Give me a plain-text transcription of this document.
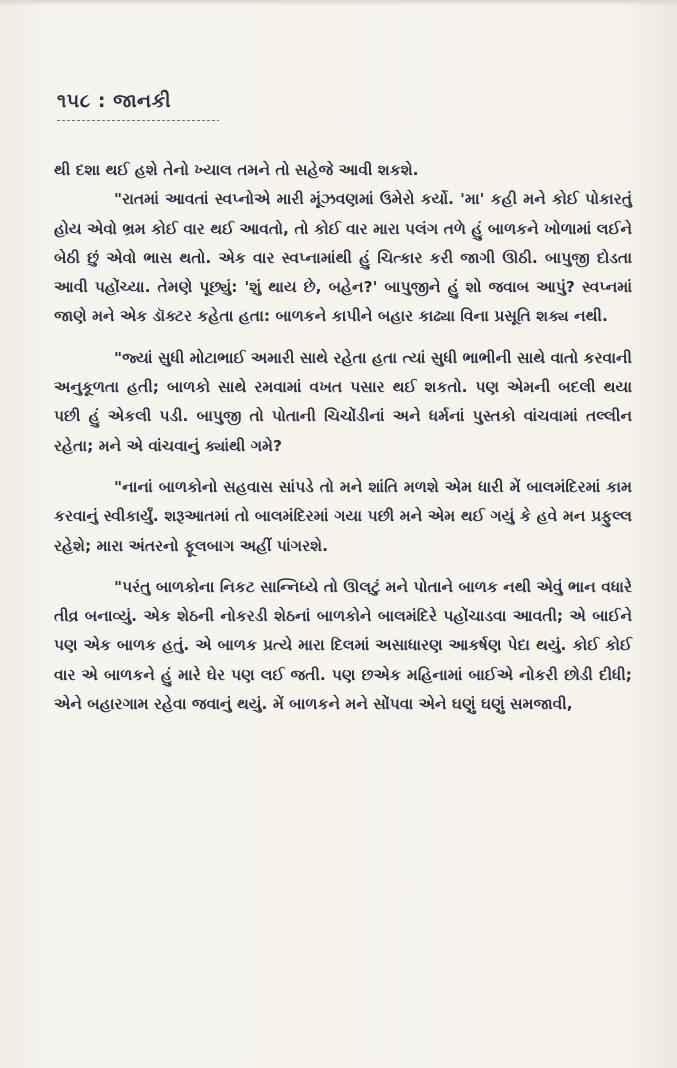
૧૫૮ : જાનકી

થી દશા થઈ હશે તેનો ખ્યાલ તમને તો સહેજે આવી શકશે.

"રાતમાં આવતાં સ્વપ્નોએ મારી મૂંઝવણમાં ઉમેરો કર્યો. 'મા' કહી મને કોઈ પોકારતું હોય એવો ભ્રમ કોઈ વાર થઈ આવતો, તો કોઈ વાર મારા પલંગ તળે હું બાળકને ખોળામાં લઈને બેઠી છું એવો ભાસ થતો. એક વાર સ્વપ્નામાંથી હું ચિત્કાર કરી જાગી ઊઠી. બાપુજી દોડતા આવી પહોંચ્યા. તેમણે પૂછ્યું: 'શું થાય છે, બહેન?' બાપુજીને હું શો જવાબ આપું? સ્વપ્નમાં જાણે મને એક ડૉક્ટર કહેતા હતા: બાળકને કાપીને બહાર કાઢ્યા વિના પ્રસૂતિ શક્ય નથી.

"જ્યાં સુધી મોટાભાઈ અમારી સાથે રહેતા હતા ત્યાં સુધી ભાભીની સાથે વાતો કરવાની અનુકૂળતા હતી; બાળકો સાથે રમવામાં વખત પસાર થઈ શકતો. પણ એમની બદલી થયા પછી હું એકલી પડી. બાપુજી તો પોતાની ચિચોંડીનાં અને ધર્મનાં પુસ્તકો વાંચવામાં તલ્લીન રહેતા; મને એ વાંચવાનું ક્યાંથી ગમે?

"નાનાં બાળકોનો સહવાસ સાંપડે તો મને શાંતિ મળશે એમ ધારી મેં બાલમંદિરમાં કામ કરવાનું સ્વીકાર્યું. શરૂઆતમાં તો બાલમંદિરમાં ગયા પછી મને એમ થઈ ગયું કે હવે મન પ્રફુલ્લ રહેશે; મારા અંતરનો ફૂલબાગ અહીં પાંગરશે.

"પરંતુ બાળકોના નિકટ સાન્નિધ્યે તો ઊલટું મને પોતાને બાળક નથી એવું ભાન વધારે તીવ્ર બનાવ્યું. એક શેઠની નોકરડી શેઠનાં બાળકોને બાલમંદિરે પહોંચાડવા આવતી; એ બાઈને પણ એક બાળક હતું. એ બાળક પ્રત્યે મારા દિલમાં અસાધારણ આકર્ષણ પેદા થયું. કોઈ કોઈ વાર એ બાળકને હું મારે ઘેર પણ લઈ જતી. પણ છએક મહિનામાં બાઈએ નોકરી છોડી દીધી; એને બહારગામ રહેવા જવાનું થયું. મેં બાળકને મને સોંપવા એને ઘણું ઘણું સમજાવી,
